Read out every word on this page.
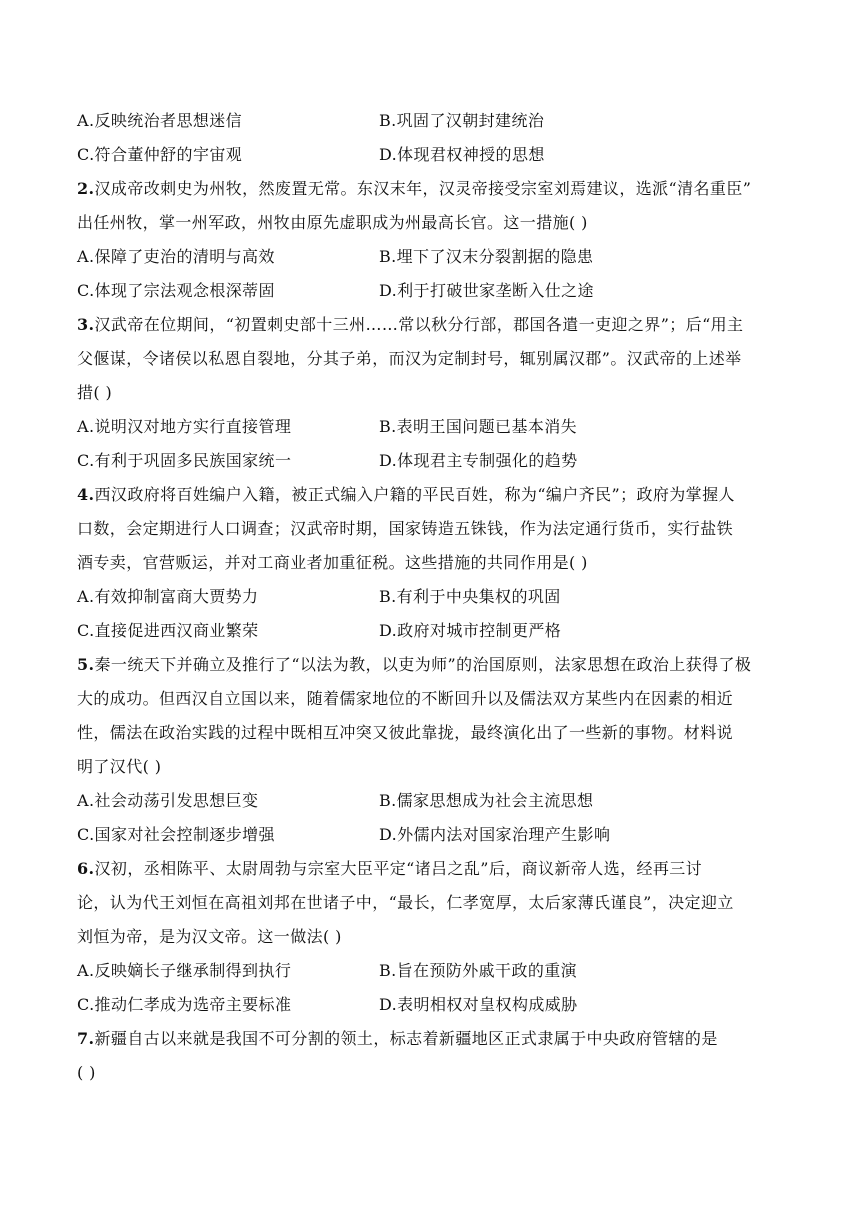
A.反映统治者思想迷信	B.巩固了汉朝封建统治
C.符合董仲舒的宇宙观	D.体现君权神授的思想
2.汉成帝改刺史为州牧，然废置无常。东汉末年，汉灵帝接受宗室刘焉建议，选派“清名重臣”
出任州牧，掌一州军政，州牧由原先虚职成为州最高长官。这一措施( )
A.保障了吏治的清明与高效	B.埋下了汉末分裂割据的隐患
C.体现了宗法观念根深蒂固	D.利于打破世家垄断入仕之途
3.汉武帝在位期间，“初置刺史部十三州……常以秋分行部，郡国各遣一吏迎之界”；后“用主
父偃谋，令诸侯以私恩自裂地，分其子弟，而汉为定制封号，辄别属汉郡”。汉武帝的上述举
措( )
A.说明汉对地方实行直接管理	B.表明王国问题已基本消失
C.有利于巩固多民族国家统一	D.体现君主专制强化的趋势
4.西汉政府将百姓编户入籍，被正式编入户籍的平民百姓，称为“编户齐民”；政府为掌握人
口数，会定期进行人口调查；汉武帝时期，国家铸造五铢钱，作为法定通行货币，实行盐铁
酒专卖，官营贩运，并对工商业者加重征税。这些措施的共同作用是( )
A.有效抑制富商大贾势力	B.有利于中央集权的巩固
C.直接促进西汉商业繁荣	D.政府对城市控制更严格
5.秦一统天下并确立及推行了“以法为教，以吏为师”的治国原则，法家思想在政治上获得了极
大的成功。但西汉自立国以来，随着儒家地位的不断回升以及儒法双方某些内在因素的相近
性，儒法在政治实践的过程中既相互冲突又彼此靠拢，最终演化出了一些新的事物。材料说
明了汉代( )
A.社会动荡引发思想巨变	B.儒家思想成为社会主流思想
C.国家对社会控制逐步增强	D.外儒内法对国家治理产生影响
6.汉初，丞相陈平、太尉周勃与宗室大臣平定“诸吕之乱”后，商议新帝人选，经再三讨
论，认为代王刘恒在高祖刘邦在世诸子中，“最长，仁孝宽厚，太后家薄氏谨良”，决定迎立
刘恒为帝，是为汉文帝。这一做法( )
A.反映嫡长子继承制得到执行	B.旨在预防外戚干政的重演
C.推动仁孝成为选帝主要标准	D.表明相权对皇权构成威胁
7.新疆自古以来就是我国不可分割的领土，标志着新疆地区正式隶属于中央政府管辖的是
( )
